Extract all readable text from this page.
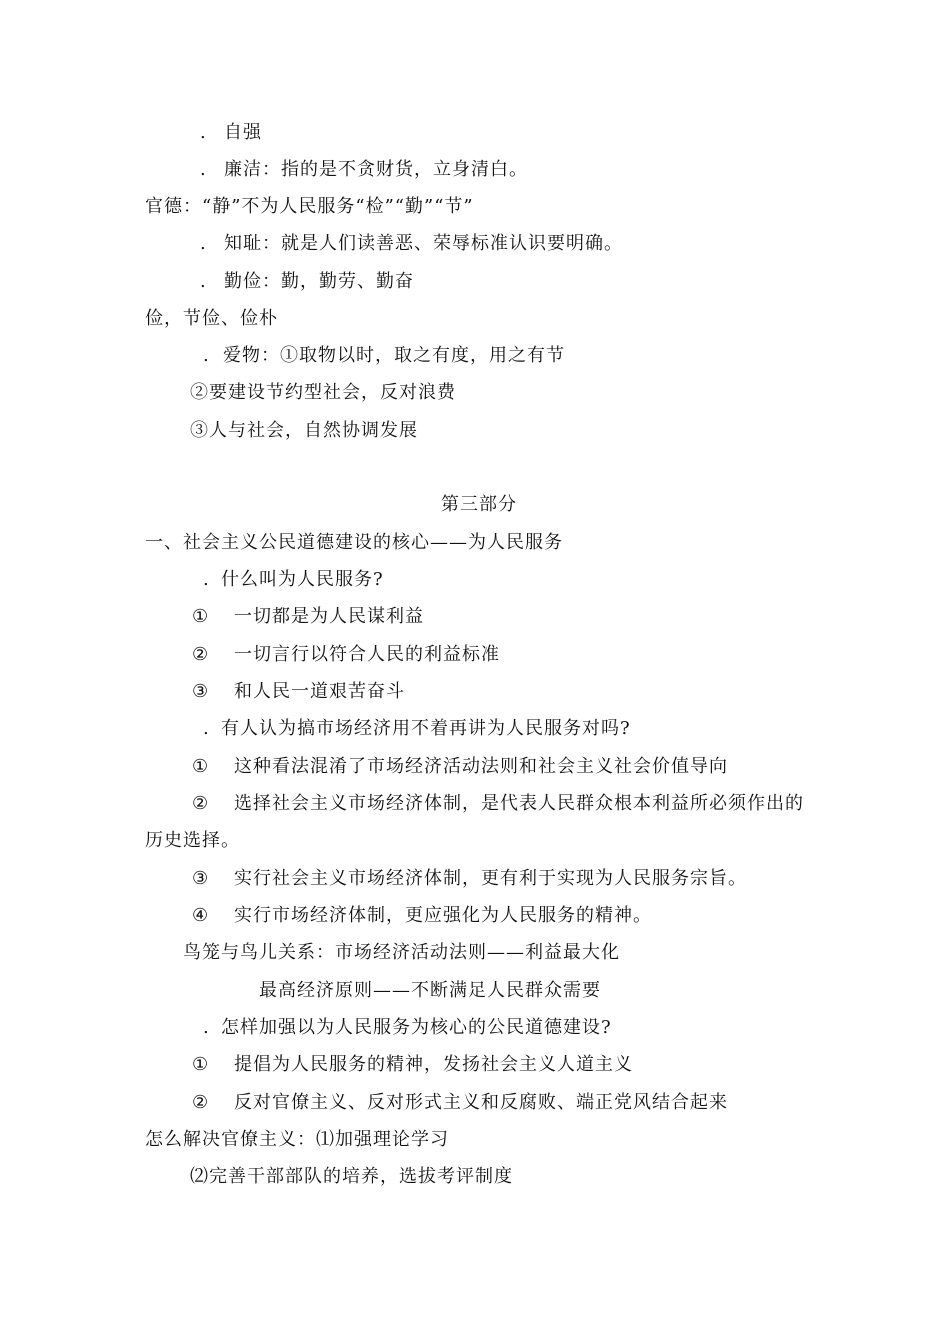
. 自强
. 廉洁：指的是不贪财货，立身清白。
官德：“静”不为人民服务“检”“勤”“节”
. 知耻：就是人们读善恶、荣辱标准认识要明确。
. 勤俭：勤，勤劳、勤奋
俭，节俭、俭朴
. 爱物：①取物以时，取之有度，用之有节
②要建设节约型社会，反对浪费
③人与社会，自然协调发展
第三部分
一、社会主义公民道德建设的核心——为人民服务
. 什么叫为人民服务?
① 一切都是为人民谋利益
② 一切言行以符合人民的利益标准
③ 和人民一道艰苦奋斗
. 有人认为搞市场经济用不着再讲为人民服务对吗?
① 这种看法混淆了市场经济活动法则和社会主义社会价值导向
② 选择社会主义市场经济体制，是代表人民群众根本利益所必须作出的
历史选择。
③ 实行社会主义市场经济体制，更有利于实现为人民服务宗旨。
④ 实行市场经济体制，更应强化为人民服务的精神。
鸟笼与鸟儿关系：市场经济活动法则——利益最大化
最高经济原则——不断满足人民群众需要
. 怎样加强以为人民服务为核心的公民道德建设?
① 提倡为人民服务的精神，发扬社会主义人道主义
② 反对官僚主义、反对形式主义和反腐败、端正党风结合起来
怎么解决官僚主义：⑴加强理论学习
⑵完善干部部队的培养，选拔考评制度
